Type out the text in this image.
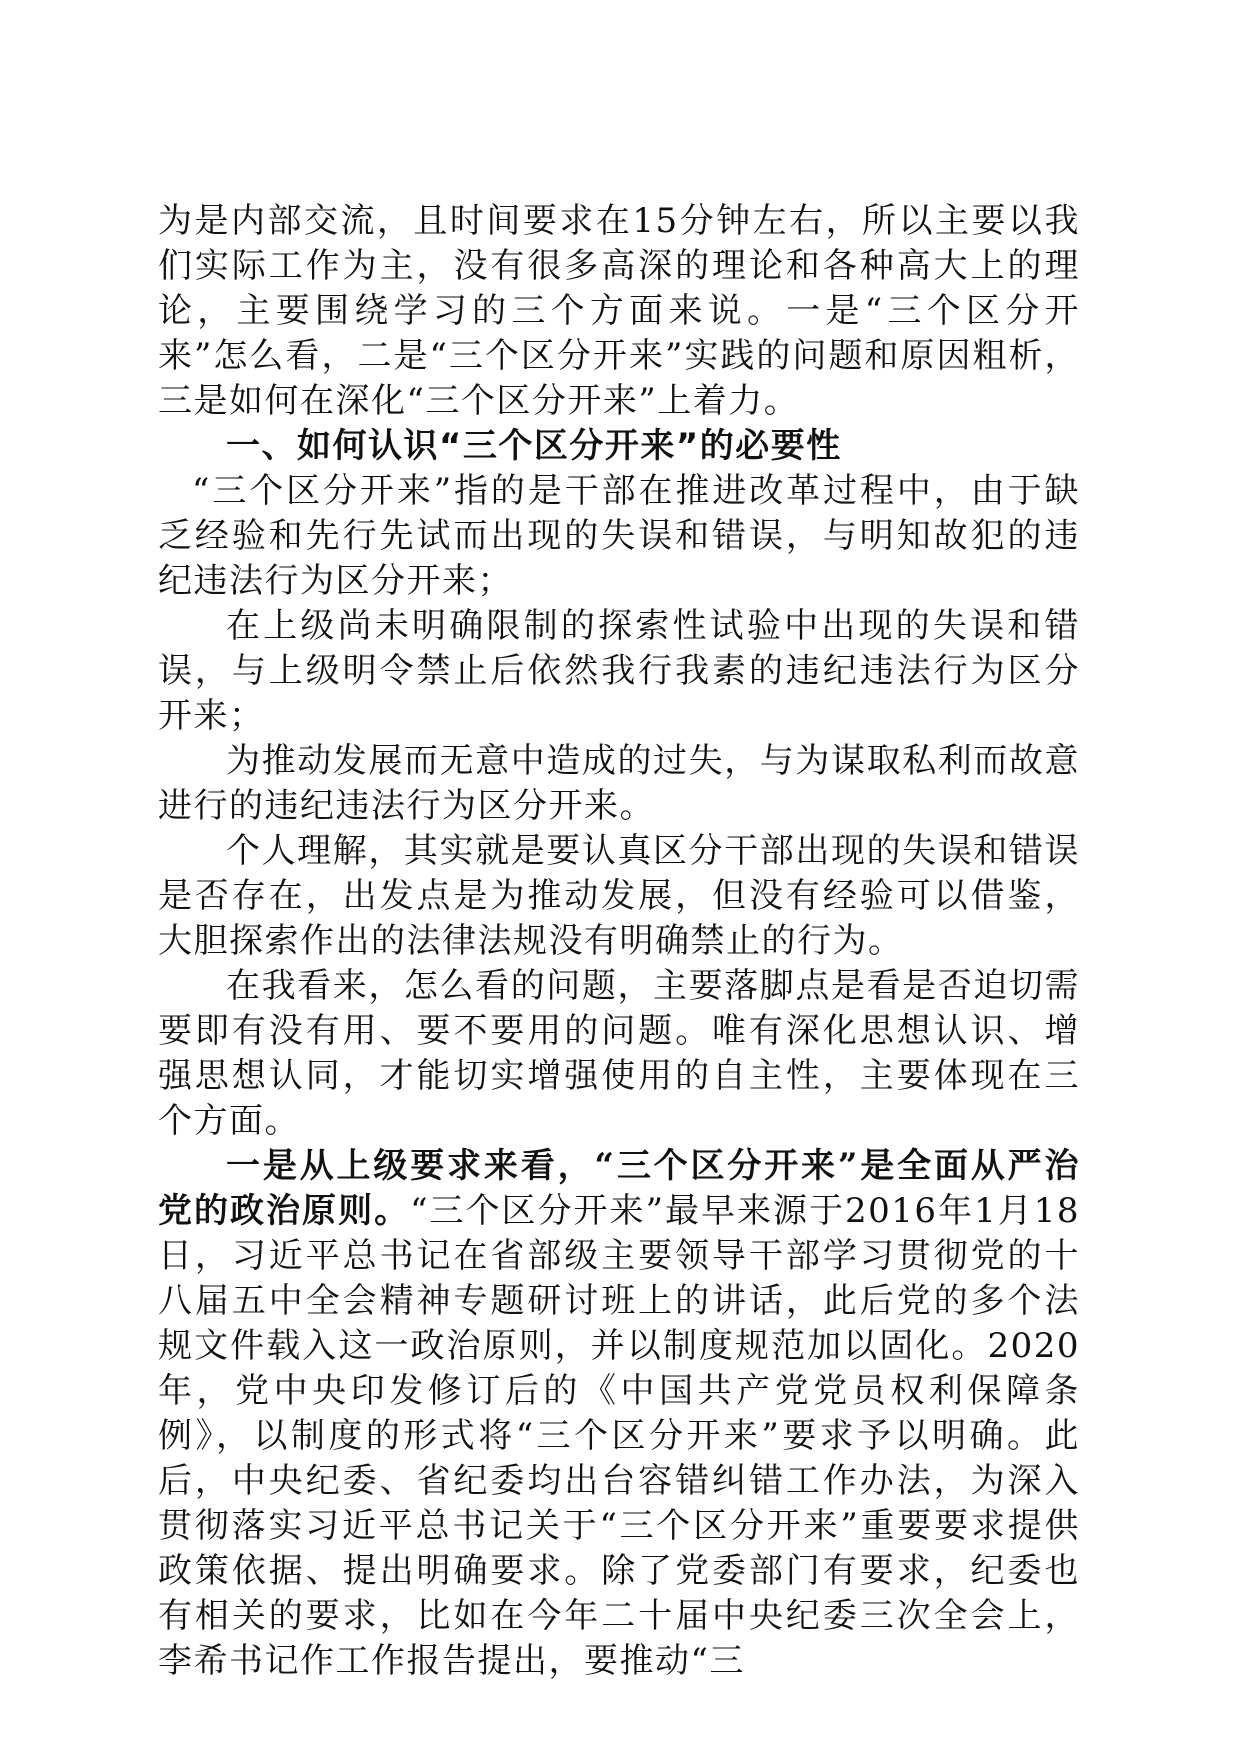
为是内部交流，且时间要求在15分钟左右，所以主要以我们实际工作为主，没有很多高深的理论和各种高大上的理论，主要围绕学习的三个方面来说。一是“三个区分开来”怎么看，二是“三个区分开来”实践的问题和原因粗析，三是如何在深化“三个区分开来”上着力。

一、如何认识“三个区分开来”的必要性

“三个区分开来”指的是干部在推进改革过程中，由于缺乏经验和先行先试而出现的失误和错误，与明知故犯的违纪违法行为区分开来；

在上级尚未明确限制的探索性试验中出现的失误和错误，与上级明令禁止后依然我行我素的违纪违法行为区分开来；

为推动发展而无意中造成的过失，与为谋取私利而故意进行的违纪违法行为区分开来。

个人理解，其实就是要认真区分干部出现的失误和错误是否存在，出发点是为推动发展，但没有经验可以借鉴，大胆探索作出的法律法规没有明确禁止的行为。

在我看来，怎么看的问题，主要落脚点是看是否迫切需要即有没有用、要不要用的问题。唯有深化思想认识、增强思想认同，才能切实增强使用的自主性，主要体现在三个方面。

一是从上级要求来看，“三个区分开来”是全面从严治党的政治原则。“三个区分开来”最早来源于2016年1月18日，习近平总书记在省部级主要领导干部学习贯彻党的十八届五中全会精神专题研讨班上的讲话，此后党的多个法规文件载入这一政治原则，并以制度规范加以固化。2020年，党中央印发修订后的《中国共产党党员权利保障条例》，以制度的形式将“三个区分开来”要求予以明确。此后，中央纪委、省纪委均出台容错纠错工作办法，为深入贯彻落实习近平总书记关于“三个区分开来”重要要求提供政策依据、提出明确要求。除了党委部门有要求，纪委也有相关的要求，比如在今年二十届中央纪委三次全会上，李希书记作工作报告提出，要推动“三
